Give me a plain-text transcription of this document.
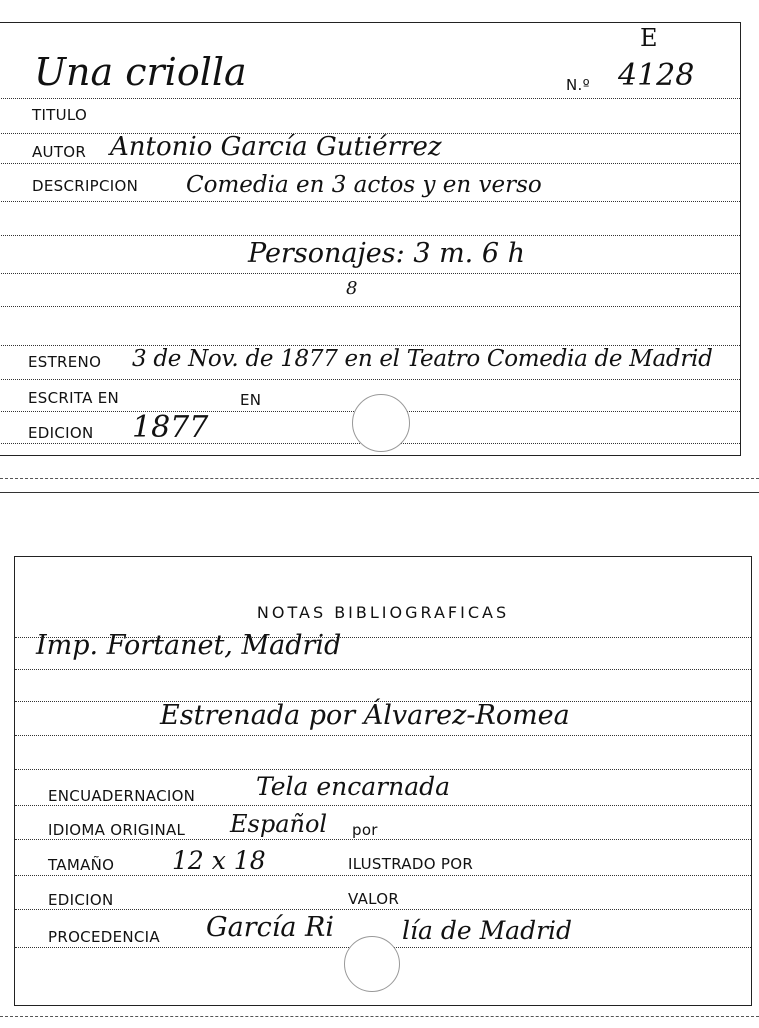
E
Una criolla	N.º 4128
TITULO
AUTOR Antonio García Gutiérrez
DESCRIPCION Comedia en 3 actos y en verso
Personajes: 3 m. 6 h
8
ESTRENO 3 de Nov. de 1877 en el Teatro Comedia de Madrid
ESCRITA EN	EN
EDICION 1877
NOTAS BIBLIOGRAFICAS
Imp. Fortanet, Madrid
Estrenada por Álvarez-Romea
ENCUADERNACION Tela encarnada
IDIOMA ORIGINAL Español por
TAMAÑO 12 x 18	ILUSTRADO POR
EDICION	VALOR
PROCEDENCIA García Ri	lía de Madrid
